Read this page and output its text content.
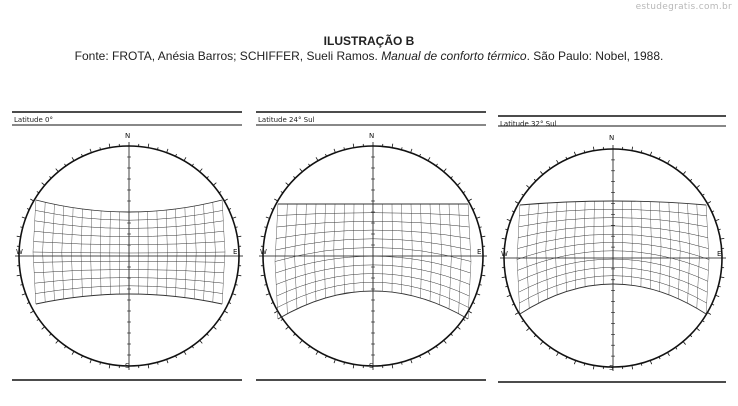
estudegratis.com.br
ILUSTRAÇÃO B
Fonte: FROTA, Anésia Barros; SCHIFFER, Sueli Ramos. Manual de conforto térmico. São Paulo: Nobel, 1988.
Latitude 0°
N
S
W	E
Latitude 24° Sul
N
S
W	E
Latitude 32° Sul
N
S
W	E
